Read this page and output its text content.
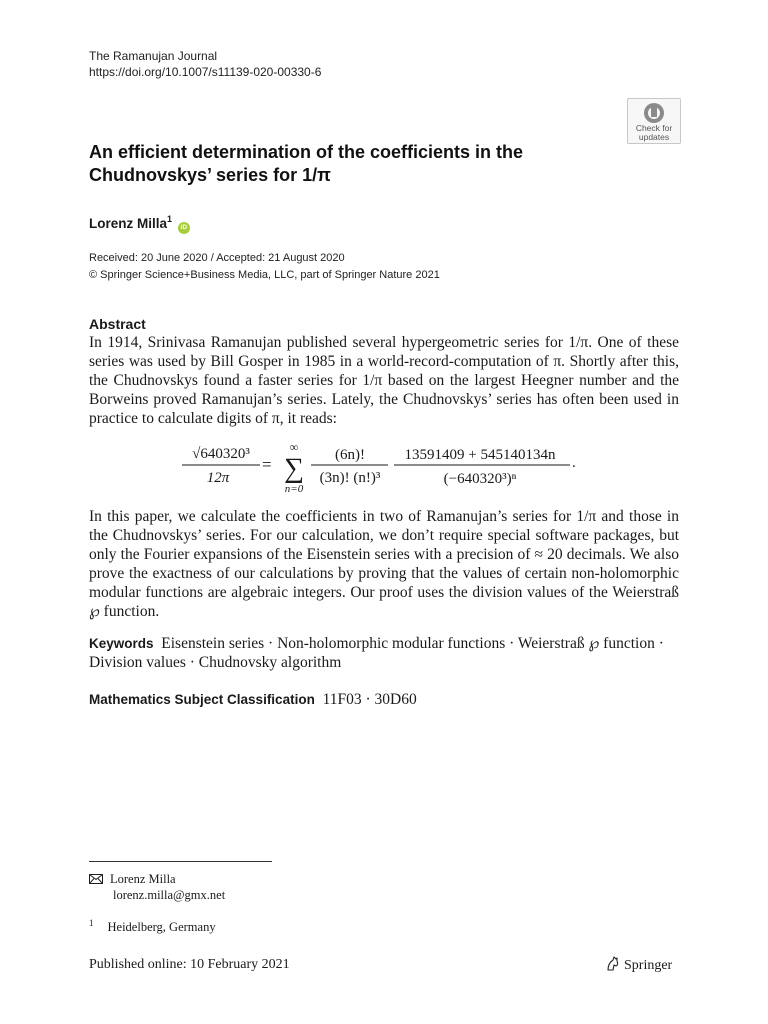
The Ramanujan Journal
https://doi.org/10.1007/s11139-020-00330-6
Check for
updates
An efficient determination of the coefficients in the
Chudnovskys’ series for 1/π
Lorenz Milla$^1$ iD
Received: 20 June 2020 / Accepted: 21 August 2020
© Springer Science+Business Media, LLC, part of Springer Nature 2021
Abstract
In 1914, Srinivasa Ramanujan published several hypergeometric series for 1/π. One of these series was used by Bill Gosper in 1985 in a world-record-computation of π. Shortly after this, the Chudnovskys found a faster series for 1/π based on the largest Heegner number and the Borweins proved Ramanujan’s series. Lately, the Chudnovskys’ series has often been used in practice to calculate digits of π, it reads:
√640320³
12π
=
∞
∑
n=0
(6n)!
(3n)! (n!)³
13591409 + 545140134n
(−640320³)ⁿ
.
In this paper, we calculate the coefficients in two of Ramanujan’s series for 1/π and those in the Chudnovskys’ series. For our calculation, we don’t require special software packages, but only the Fourier expansions of the Eisenstein series with a precision of ≈ 20 decimals. We also prove the exactness of our calculations by proving that the values of certain non-holomorphic modular functions are algebraic integers. Our proof uses the division values of the Weierstraß ℘ function.
Keywords Eisenstein series · Non-holomorphic modular functions · Weierstraß ℘ function · Division values · Chudnovsky algorithm
Mathematics Subject Classification 11F03 · 30D60
Lorenz Milla
lorenz.milla@gmx.net
$^1$ Heidelberg, Germany
Published online: 10 February 2021	Springer
